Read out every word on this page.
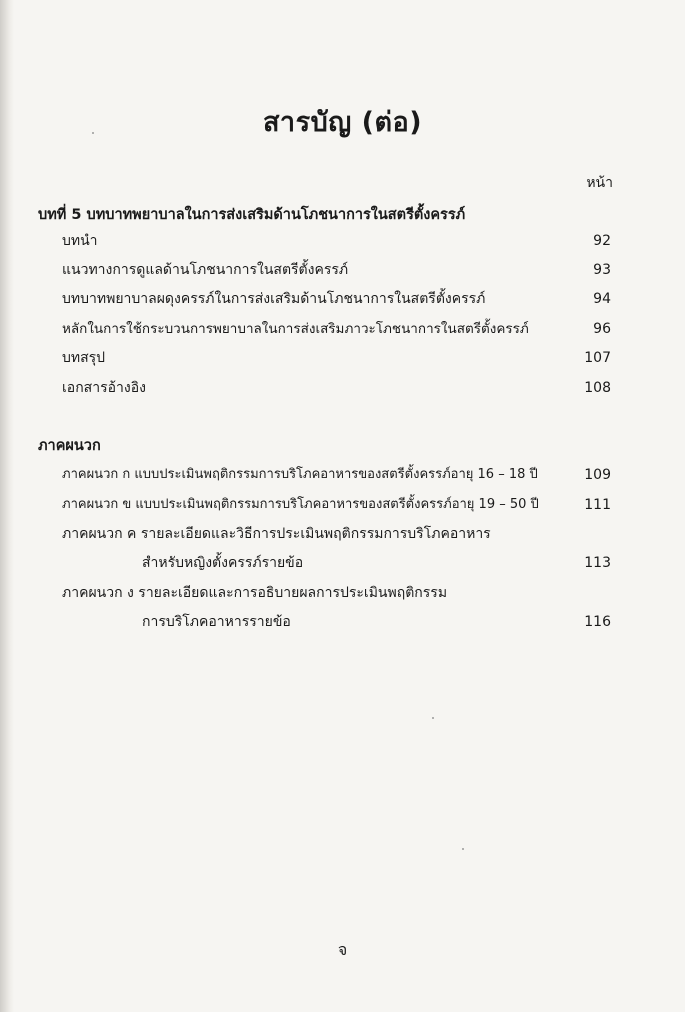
สารบัญ (ต่อ)
หน้า
บทที่ 5 บทบาทพยาบาลในการส่งเสริมด้านโภชนาการในสตรีตั้งครรภ์
บทนำ	92
แนวทางการดูแลด้านโภชนาการในสตรีตั้งครรภ์	93
บทบาทพยาบาลผดุงครรภ์ในการส่งเสริมด้านโภชนาการในสตรีตั้งครรภ์	94
หลักในการใช้กระบวนการพยาบาลในการส่งเสริมภาวะโภชนาการในสตรีตั้งครรภ์	96
บทสรุป	107
เอกสารอ้างอิง	108
ภาคผนวก
ภาคผนวก ก แบบประเมินพฤติกรรมการบริโภคอาหารของสตรีตั้งครรภ์อายุ 16 – 18 ปี	109
ภาคผนวก ข แบบประเมินพฤติกรรมการบริโภคอาหารของสตรีตั้งครรภ์อายุ 19 – 50 ปี	111
ภาคผนวก ค รายละเอียดและวิธีการประเมินพฤติกรรมการบริโภคอาหาร
สำหรับหญิงตั้งครรภ์รายข้อ	113
ภาคผนวก ง รายละเอียดและการอธิบายผลการประเมินพฤติกรรม
การบริโภคอาหารรายข้อ	116
จ
